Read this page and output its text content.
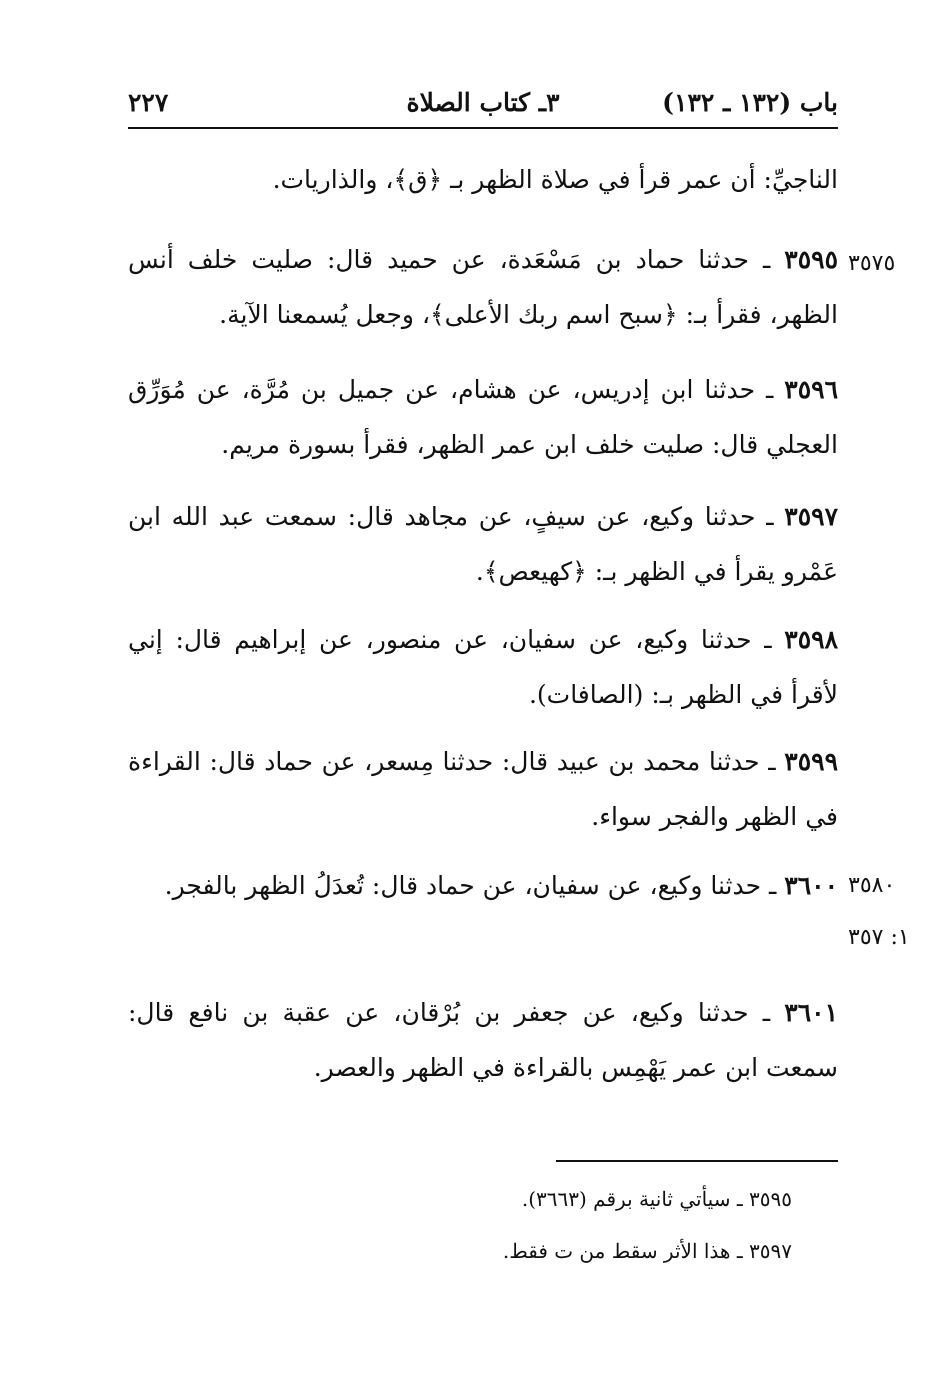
باب (١٣٢ ـ ١٣٢)
٣ـ كتاب الصلاة
٢٢٧

الناجيِّ: أن عمر قرأ في صلاة الظهر بـ ﴿ق﴾، والذاريات.

٣٥٧٥

٣٥٩٥ ـ حدثنا حماد بن مَسْعَدة، عن حميد قال: صليت خلف أنس الظهر، فقرأ بـ: ﴿سبح اسم ربك الأعلى﴾، وجعل يُسمعنا الآية.

٣٥٩٦ ـ حدثنا ابن إدريس، عن هشام، عن جميل بن مُرَّة، عن مُوَرِّق العجلي قال: صليت خلف ابن عمر الظهر، فقرأ بسورة مريم.

٣٥٩٧ ـ حدثنا وكيع، عن سيفٍ، عن مجاهد قال: سمعت عبد الله ابن عَمْرو يقرأ في الظهر بـ: ﴿كهيعص﴾.

٣٥٩٨ ـ حدثنا وكيع، عن سفيان، عن منصور، عن إبراهيم قال: إني لأقرأ في الظهر بـ: (الصافات).

٣٥٩٩ ـ حدثنا محمد بن عبيد قال: حدثنا مِسعر، عن حماد قال: القراءة في الظهر والفجر سواء.

٣٥٨٠
١: ٣٥٧

٣٦٠٠ ـ حدثنا وكيع، عن سفيان، عن حماد قال: تُعدَلُ الظهر بالفجر.

٣٦٠١ ـ حدثنا وكيع، عن جعفر بن بُرْقان، عن عقبة بن نافع قال: سمعت ابن عمر يَهْمِس بالقراءة في الظهر والعصر.

٣٥٩٥ ـ سيأتي ثانية برقم (٣٦٦٣).

٣٥٩٧ ـ هذا الأثر سقط من ت فقط.
